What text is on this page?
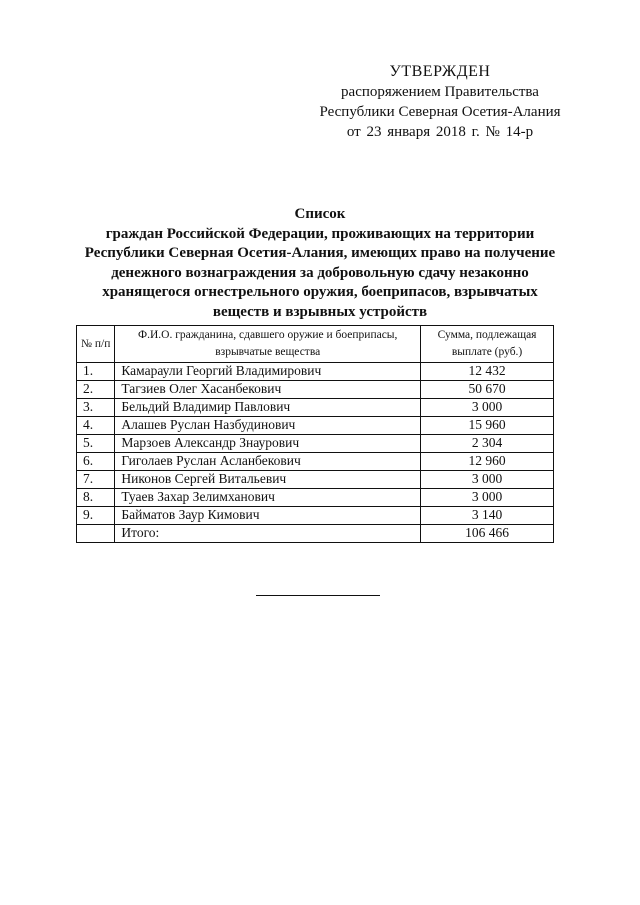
УТВЕРЖДЕН
распоряжением Правительства
Республики Северная Осетия-Алания
от 23 января 2018 г. № 14-р
Список
граждан Российской Федерации, проживающих на территории
Республики Северная Осетия-Алания, имеющих право на получение
денежного вознаграждения за добровольную сдачу незаконно
хранящегося огнестрельного оружия, боеприпасов, взрывчатых
веществ и взрывных устройств
№ п/п	Ф.И.О. гражданина, сдавшего оружие и боеприпасы, взрывчатые вещества	Сумма, подлежащая выплате (руб.)
1.	Камараули Георгий Владимирович	12 432
2.	Тагзиев Олег Хасанбекович	50 670
3.	Бельдий Владимир Павлович	3 000
4.	Алашев Руслан Назбудинович	15 960
5.	Марзоев Александр Знаурович	2 304
6.	Гиголаев Руслан Асланбекович	12 960
7.	Никонов Сергей Витальевич	3 000
8.	Туаев Захар Зелимханович	3 000
9.	Байматов Заур Кимович	3 140
	Итого:	106 466
